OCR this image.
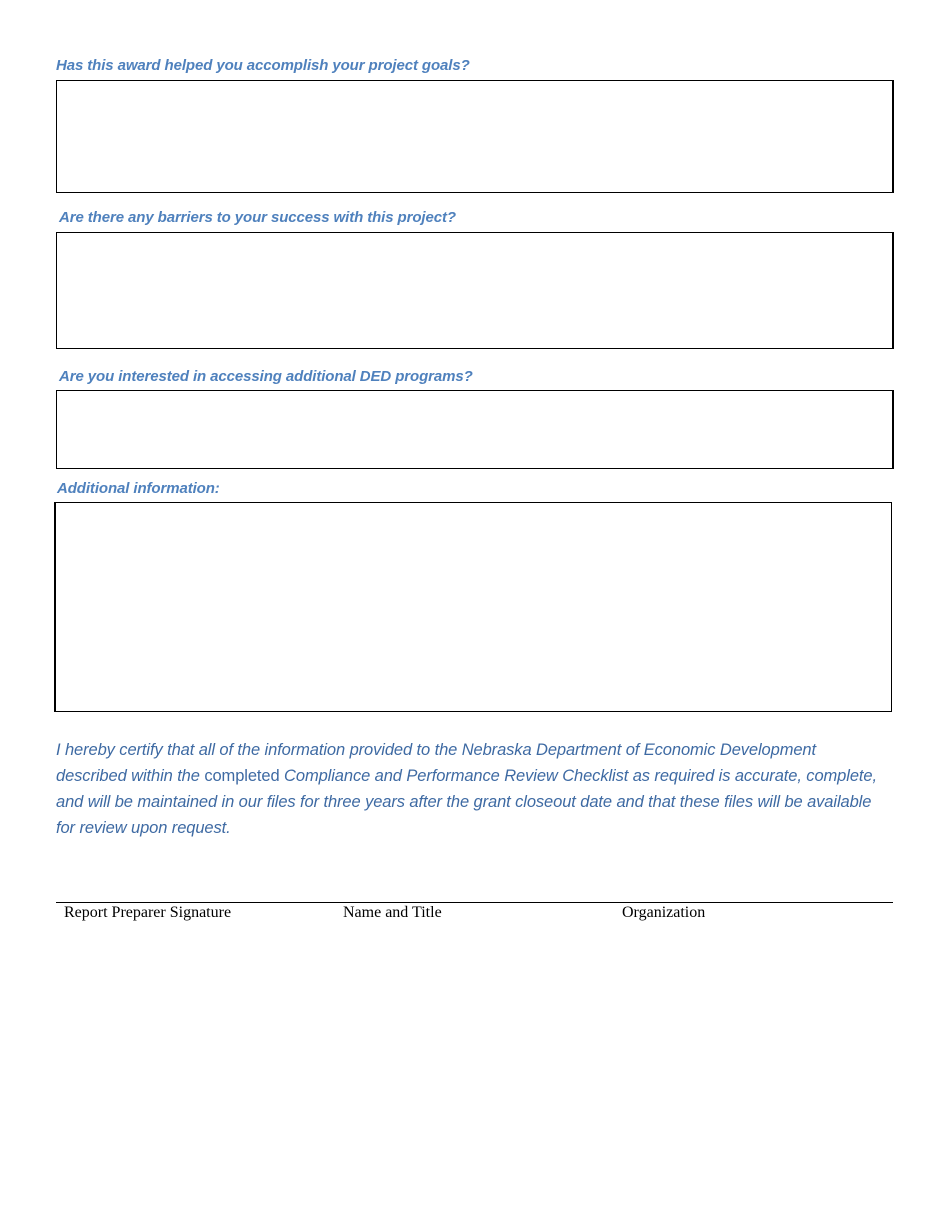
Has this award helped you accomplish your project goals?
Are there any barriers to your success with this project?
Are you interested in accessing additional DED programs?
Additional information:

I hereby certify that all of the information provided to the Nebraska Department of Economic Development described within the completed Compliance and Performance Review Checklist as required is accurate, complete, and will be maintained in our files for three years after the grant closeout date and that these files will be available for review upon request.

Report Preparer Signature	Name and Title	Organization
